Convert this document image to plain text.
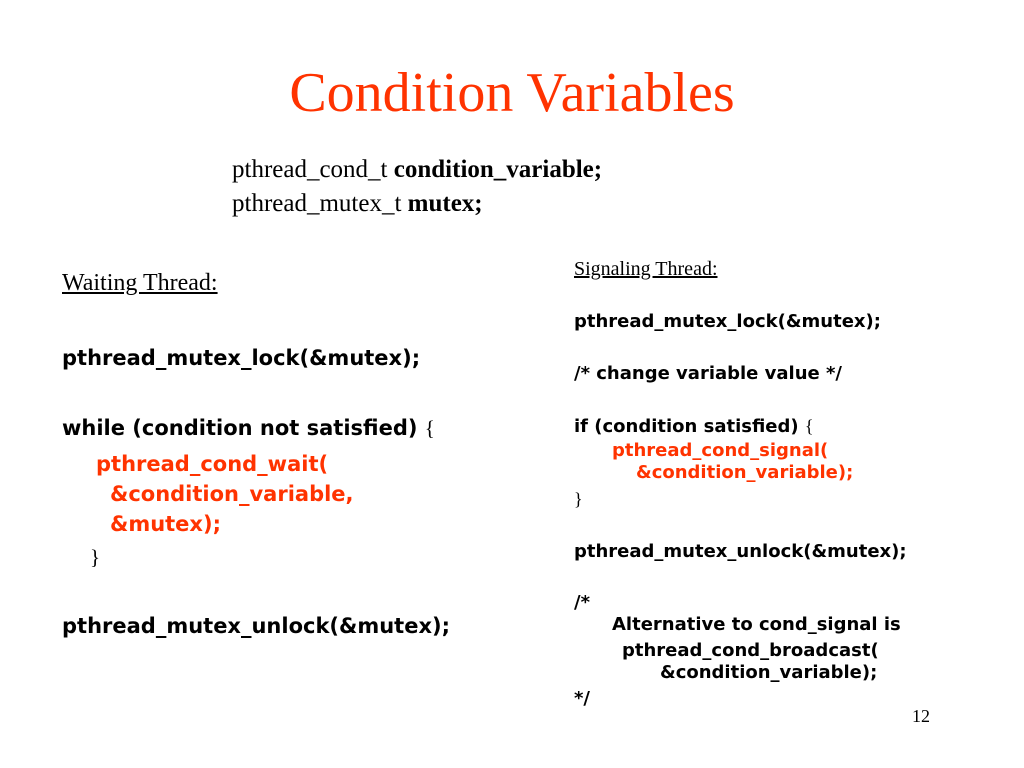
Condition Variables
pthread_cond_t condition_variable;
pthread_mutex_t mutex;
Waiting Thread:
pthread_mutex_lock(&mutex);
while (condition not satisfied) {
pthread_cond_wait(
&condition_variable,
&mutex);
}
pthread_mutex_unlock(&mutex);
Signaling Thread:
pthread_mutex_lock(&mutex);
/* change variable value */
if (condition satisfied) {
pthread_cond_signal(
&condition_variable);
}
pthread_mutex_unlock(&mutex);
/*
Alternative to cond_signal is
pthread_cond_broadcast(
&condition_variable);
*/
12
